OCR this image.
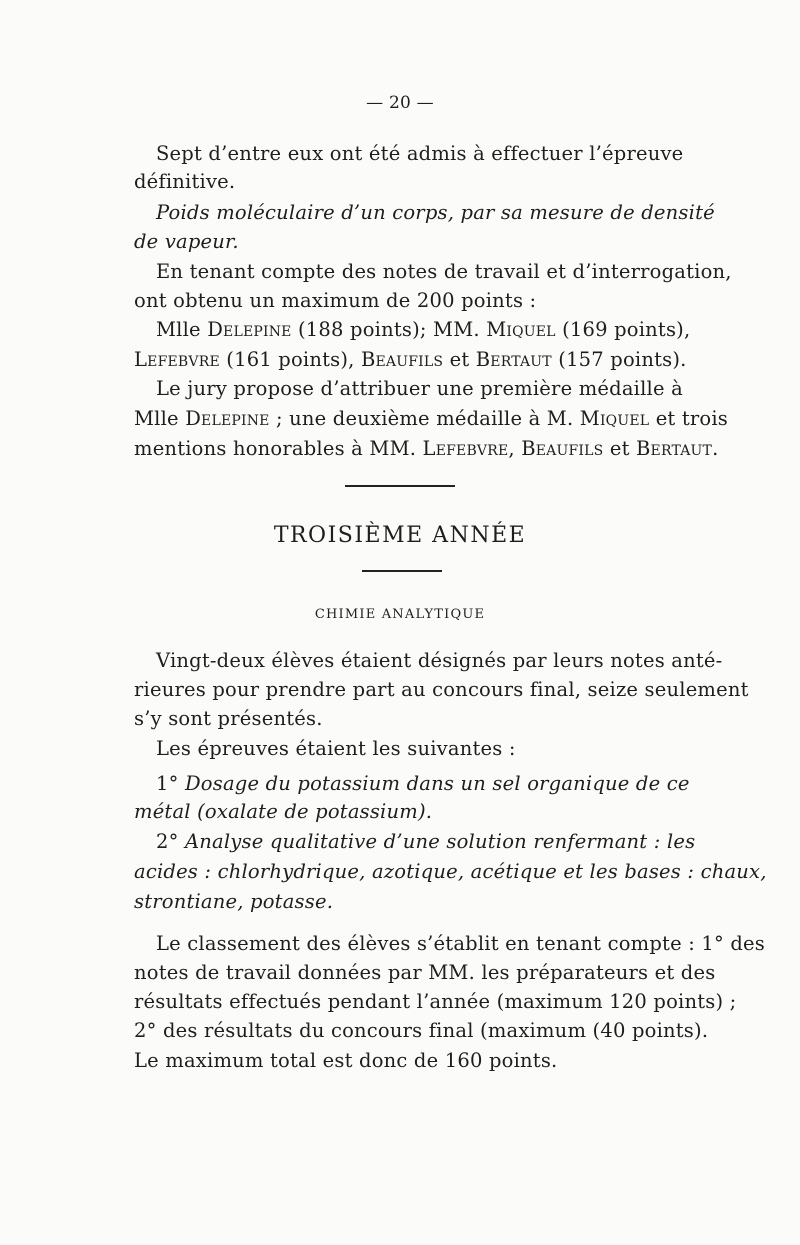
— 20 —
Sept d’entre eux ont été admis à effectuer l’épreuve
définitive.
Poids moléculaire d’un corps, par sa mesure de densité
de vapeur.
En tenant compte des notes de travail et d’interrogation,
ont obtenu un maximum de 200 points :
Mlle Delepine (188 points); MM. Miquel (169 points),
Lefebvre (161 points), Beaufils et Bertaut (157 points).
Le jury propose d’attribuer une première médaille à
Mlle Delepine ; une deuxième médaille à M. Miquel et trois
mentions honorables à MM. Lefebvre, Beaufils et Bertaut.
TROISIÈME ANNÉE
CHIMIE ANALYTIQUE
Vingt-deux élèves étaient désignés par leurs notes anté-
rieures pour prendre part au concours final, seize seulement
s’y sont présentés.
Les épreuves étaient les suivantes :
1° Dosage du potassium dans un sel organique de ce
métal (oxalate de potassium).
2° Analyse qualitative d’une solution renfermant : les
acides : chlorhydrique, azotique, acétique et les bases : chaux,
strontiane, potasse.
Le classement des élèves s’établit en tenant compte : 1° des
notes de travail données par MM. les préparateurs et des
résultats effectués pendant l’année (maximum 120 points) ;
2° des résultats du concours final (maximum (40 points).
Le maximum total est donc de 160 points.
